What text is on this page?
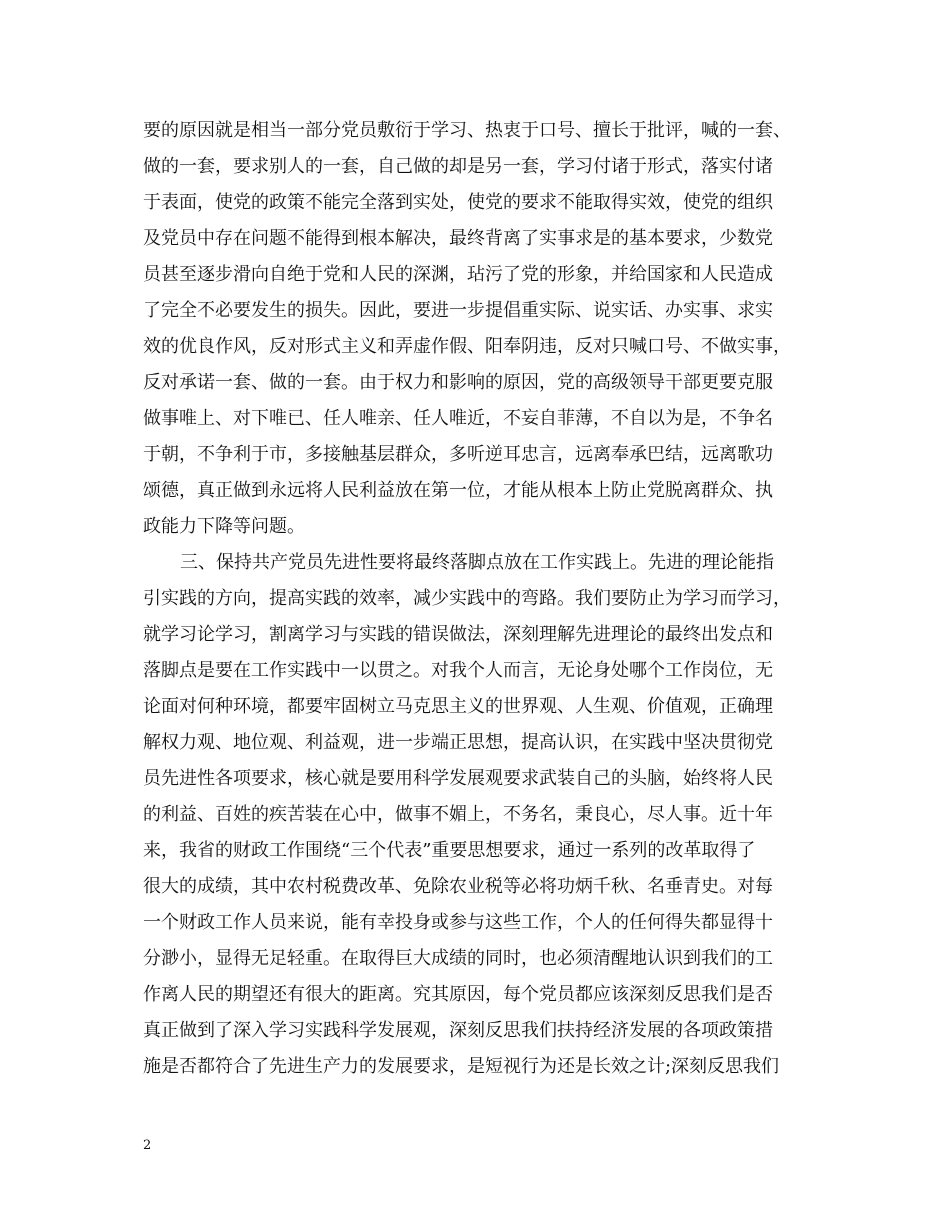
要的原因就是相当一部分党员敷衍于学习、热衷于口号、擅长于批评，喊的一套、
做的一套，要求别人的一套，自己做的却是另一套，学习付诸于形式，落实付诸
于表面，使党的政策不能完全落到实处，使党的要求不能取得实效，使党的组织
及党员中存在问题不能得到根本解决，最终背离了实事求是的基本要求，少数党
员甚至逐步滑向自绝于党和人民的深渊，玷污了党的形象，并给国家和人民造成
了完全不必要发生的损失。因此，要进一步提倡重实际、说实话、办实事、求实
效的优良作风，反对形式主义和弄虚作假、阳奉阴违，反对只喊口号、不做实事，
反对承诺一套、做的一套。由于权力和影响的原因，党的高级领导干部更要克服
做事唯上、对下唯已、任人唯亲、任人唯近，不妄自菲薄，不自以为是，不争名
于朝，不争利于市，多接触基层群众，多听逆耳忠言，远离奉承巴结，远离歌功
颂德，真正做到永远将人民利益放在第一位，才能从根本上防止党脱离群众、执
政能力下降等问题。
三、保持共产党员先进性要将最终落脚点放在工作实践上。先进的理论能指
引实践的方向，提高实践的效率，减少实践中的弯路。我们要防止为学习而学习，
就学习论学习，割离学习与实践的错误做法，深刻理解先进理论的最终出发点和
落脚点是要在工作实践中一以贯之。对我个人而言，无论身处哪个工作岗位，无
论面对何种环境，都要牢固树立马克思主义的世界观、人生观、价值观，正确理
解权力观、地位观、利益观，进一步端正思想，提高认识，在实践中坚决贯彻党
员先进性各项要求，核心就是要用科学发展观要求武装自己的头脑，始终将人民
的利益、百姓的疾苦装在心中，做事不媚上，不务名，秉良心，尽人事。近十年
来，我省的财政工作围绕“三个代表”重要思想要求，通过一系列的改革取得了
很大的成绩，其中农村税费改革、免除农业税等必将功炳千秋、名垂青史。对每
一个财政工作人员来说，能有幸投身或参与这些工作，个人的任何得失都显得十
分渺小，显得无足轻重。在取得巨大成绩的同时，也必须清醒地认识到我们的工
作离人民的期望还有很大的距离。究其原因，每个党员都应该深刻反思我们是否
真正做到了深入学习实践科学发展观，深刻反思我们扶持经济发展的各项政策措
施是否都符合了先进生产力的发展要求，是短视行为还是长效之计;深刻反思我们
2
